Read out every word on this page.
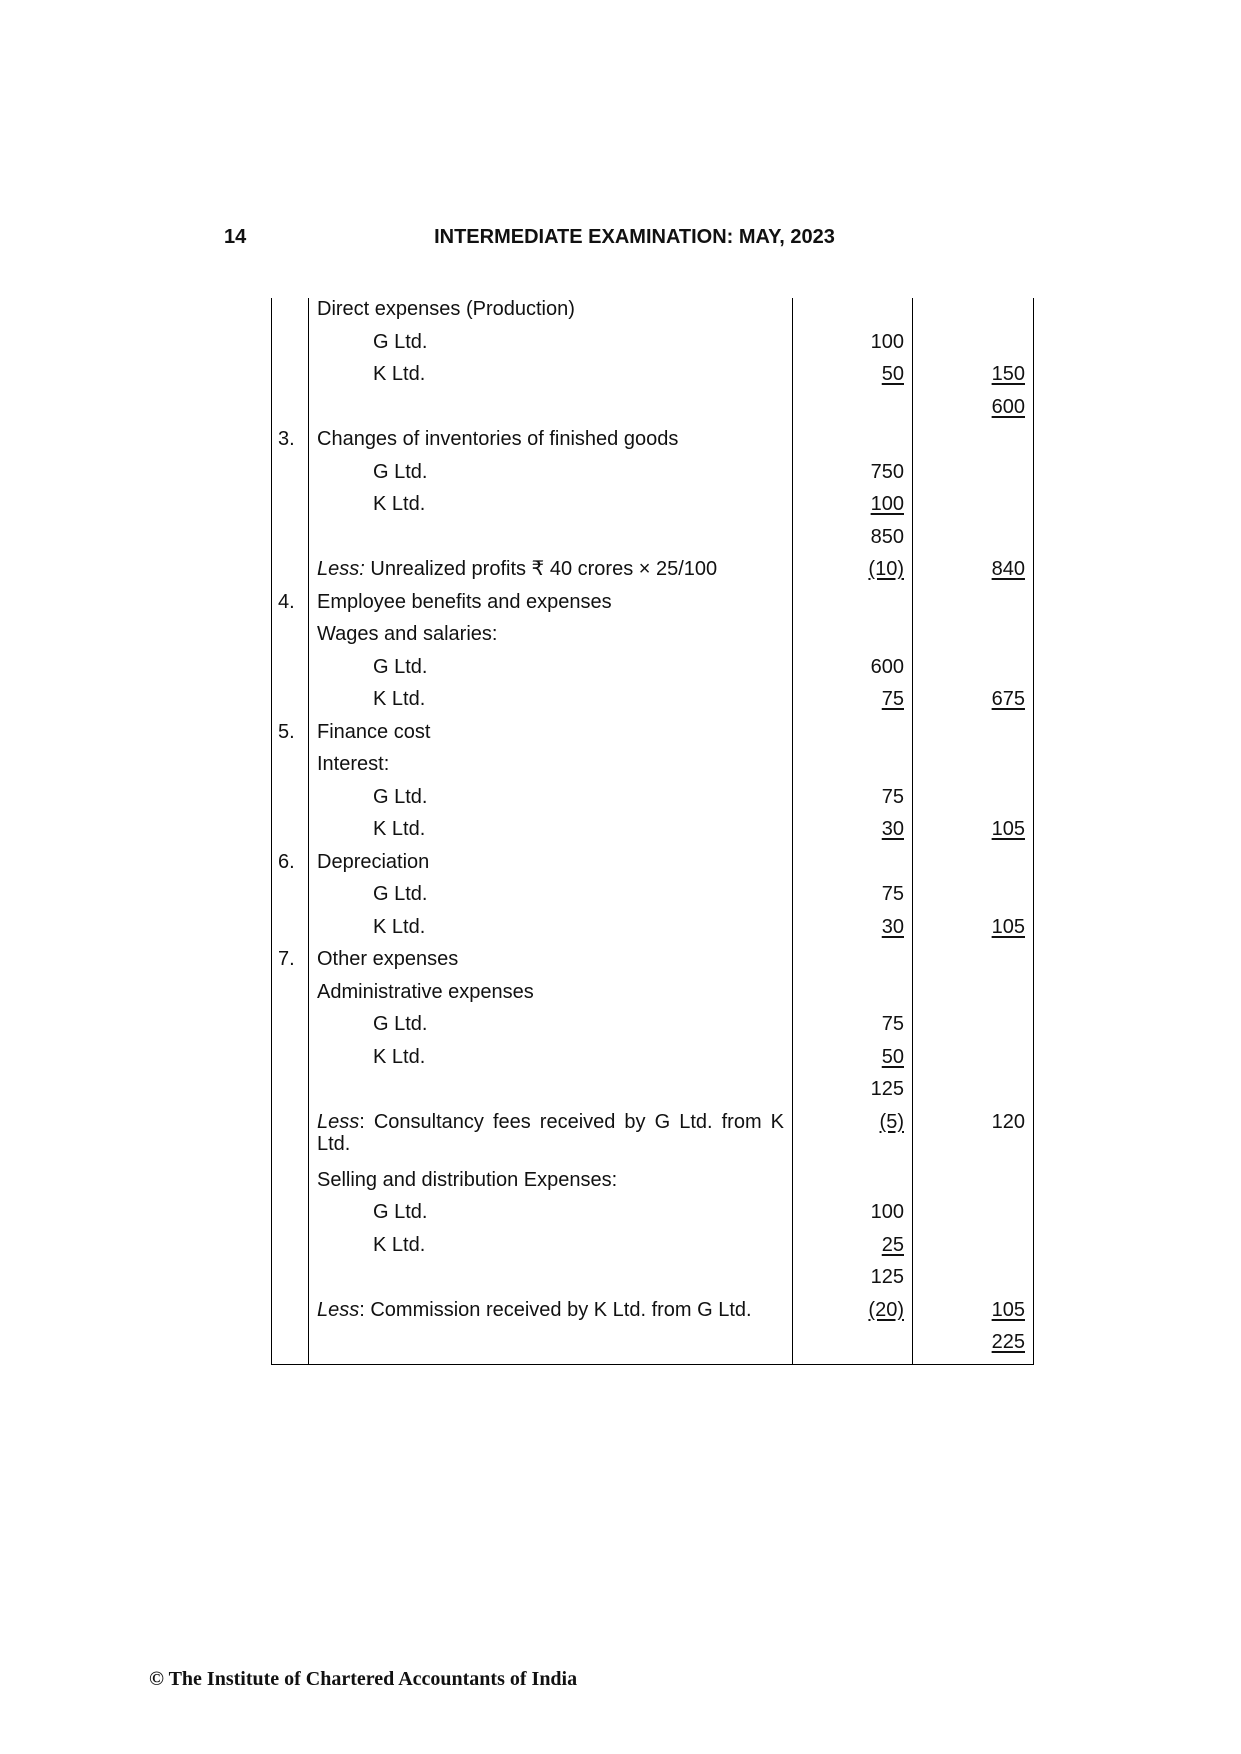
14	INTERMEDIATE EXAMINATION: MAY, 2023
	Direct expenses (Production)		
	G Ltd.	100	
	K Ltd.	50	150
			600
3.	Changes of inventories of finished goods		
	G Ltd.	750	
	K Ltd.	100	
		850	
	Less: Unrealized profits ₹ 40 crores × 25/100	(10)	840
4.	Employee benefits and expenses		
	Wages and salaries:		
	G Ltd.	600	
	K Ltd.	75	675
5.	Finance cost		
	Interest:		
	G Ltd.	75	
	K Ltd.	30	105
6.	Depreciation		
	G Ltd.	75	
	K Ltd.	30	105
7.	Other expenses		
	Administrative expenses		
	G Ltd.	75	
	K Ltd.	50	
		125	
	Less: Consultancy fees received by G Ltd. from K Ltd.	(5)	120
	Selling and distribution Expenses:		
	G Ltd.	100	
	K Ltd.	25	
		125	
	Less: Commission received by K Ltd. from G Ltd.	(20)	105
			225
© The Institute of Chartered Accountants of India
